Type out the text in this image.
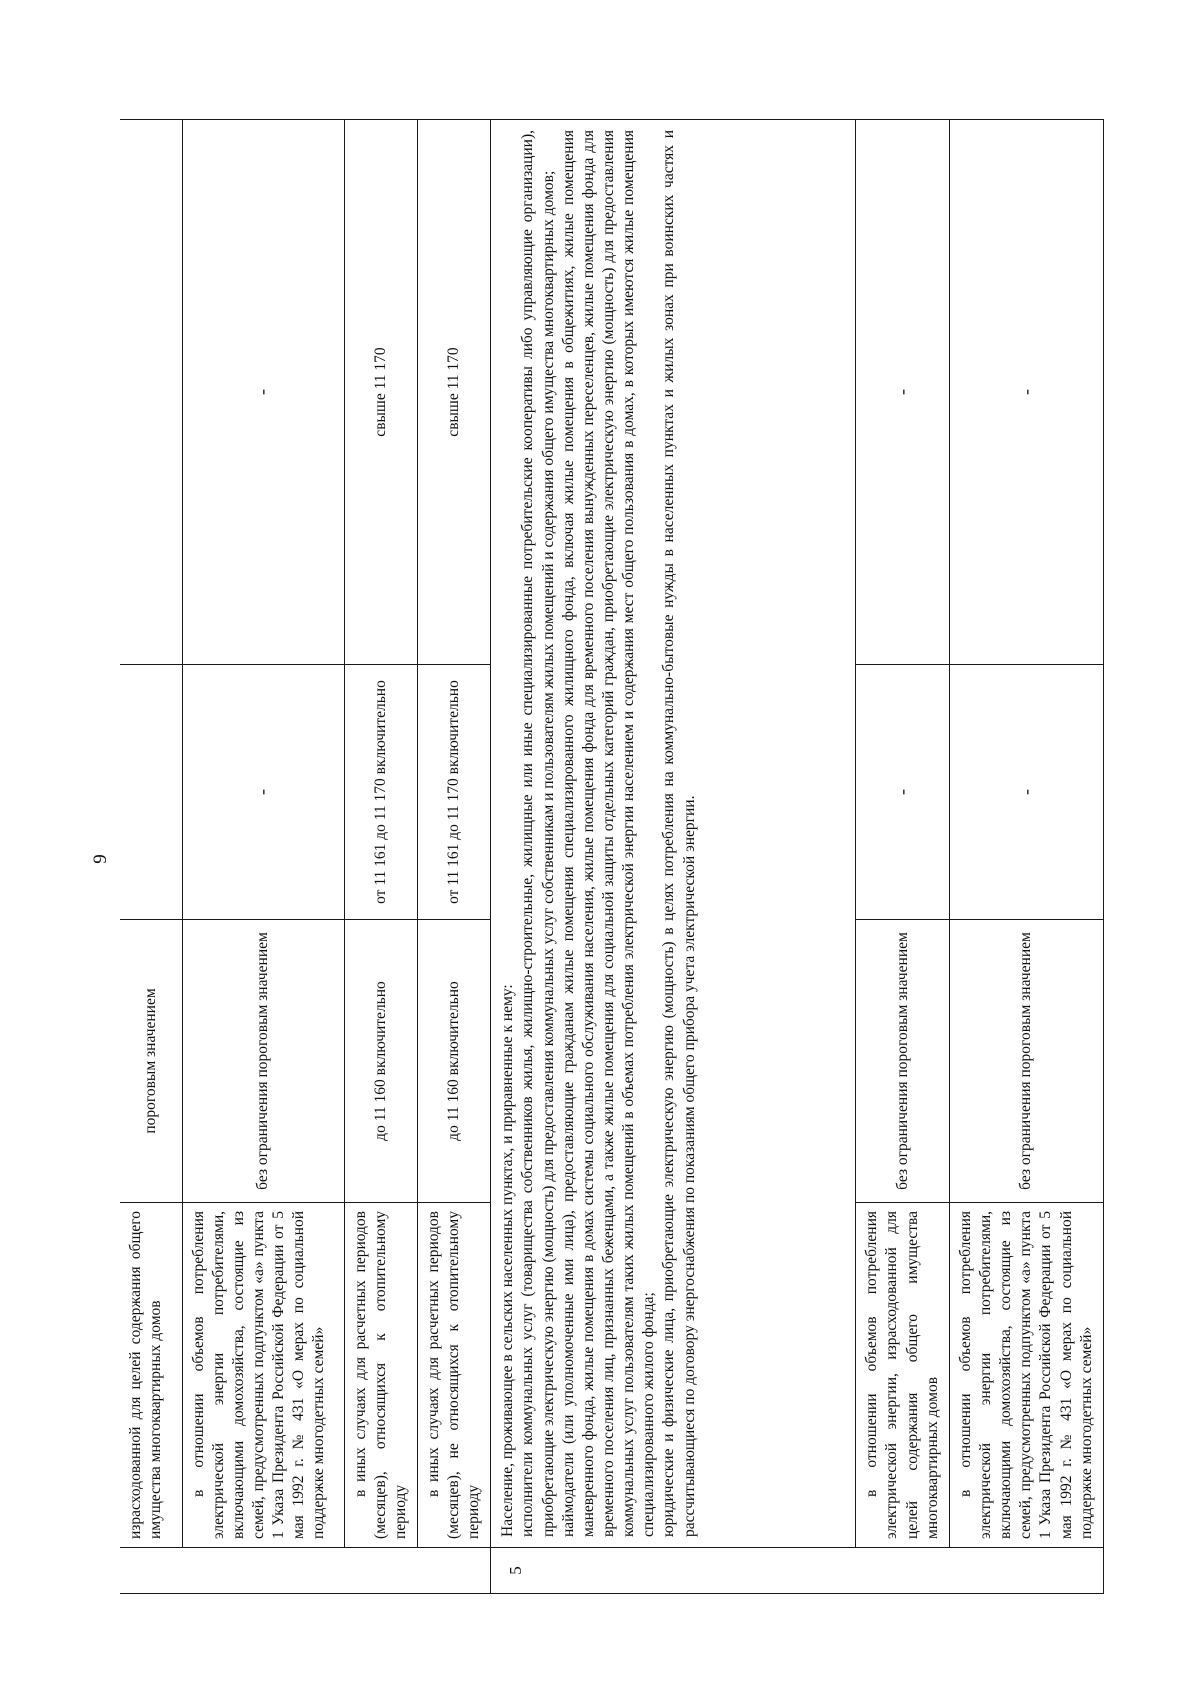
9
	израсходованной для целей содержания общего имущества многоквартирных домов	пороговым значением		

	в отношении объемов потребления электрической энергии потребителями, включающими домохозяйства, состоящие из семей, предусмотренных подпунктом «а» пункта 1 Указа Президента Российской Федерации от 5 мая 1992 г. № 431 «О мерах по социальной поддержке многодетных семей»	без ограничения пороговым значением	-	-

	в иных случаях для расчетных периодов (месяцев), относящихся к отопительному периоду	до 11 160 включительно	от 11 161 до 11 170 включительно	свыше 11 170

	в иных случаях для расчетных периодов (месяцев), не относящихся к отопительному периоду	до 11 160 включительно	от 11 161 до 11 170 включительно	свыше 11 170
5	Население, проживающее в сельских населенных пунктах, и приравненные к нему: исполнители коммунальных услуг (товарищества собственников жилья, жилищно-строительные, жилищные или иные специализированные потребительские кооперативы либо управляющие организации), приобретающие электрическую энергию (мощность) для предоставления коммунальных услуг собственникам и пользователям жилых помещений и содержания общего имущества многоквартирных домов; наймодатели (или уполномоченные ими лица), предоставляющие гражданам жилые помещения специализированного жилищного фонда, включая жилые помещения в общежитиях, жилые помещения маневренного фонда, жилые помещения в домах системы социального обслуживания населения, жилые помещения фонда для временного поселения вынужденных переселенцев, жилые помещения фонда для временного поселения лиц, признанных беженцами, а также жилые помещения для социальной защиты отдельных категорий граждан, приобретающие электрическую энергию (мощность) для предоставления коммунальных услуг пользователям таких жилых помещений в объемах потребления электрической энергии населением и содержания мест общего пользования в домах, в которых имеются жилые помещения специализированного жилого фонда; юридические и физические лица, приобретающие электрическую энергию (мощность) в целях потребления на коммунально-бытовые нужды в населенных пунктах и жилых зонах при воинских частях и рассчитывающиеся по договору энергоснабжения по показаниям общего прибора учета электрической энергии.			

	в отношении объемов потребления электрической энергии, израсходованной для целей содержания общего имущества многоквартирных домов	без ограничения пороговым значением	-	-

	в отношении объемов потребления электрической энергии потребителями, включающими домохозяйства, состоящие из семей, предусмотренных подпунктом «а» пункта 1 Указа Президента Российской Федерации от 5 мая 1992 г. № 431 «О мерах по социальной поддержке многодетных семей»	без ограничения пороговым значением	-	-
